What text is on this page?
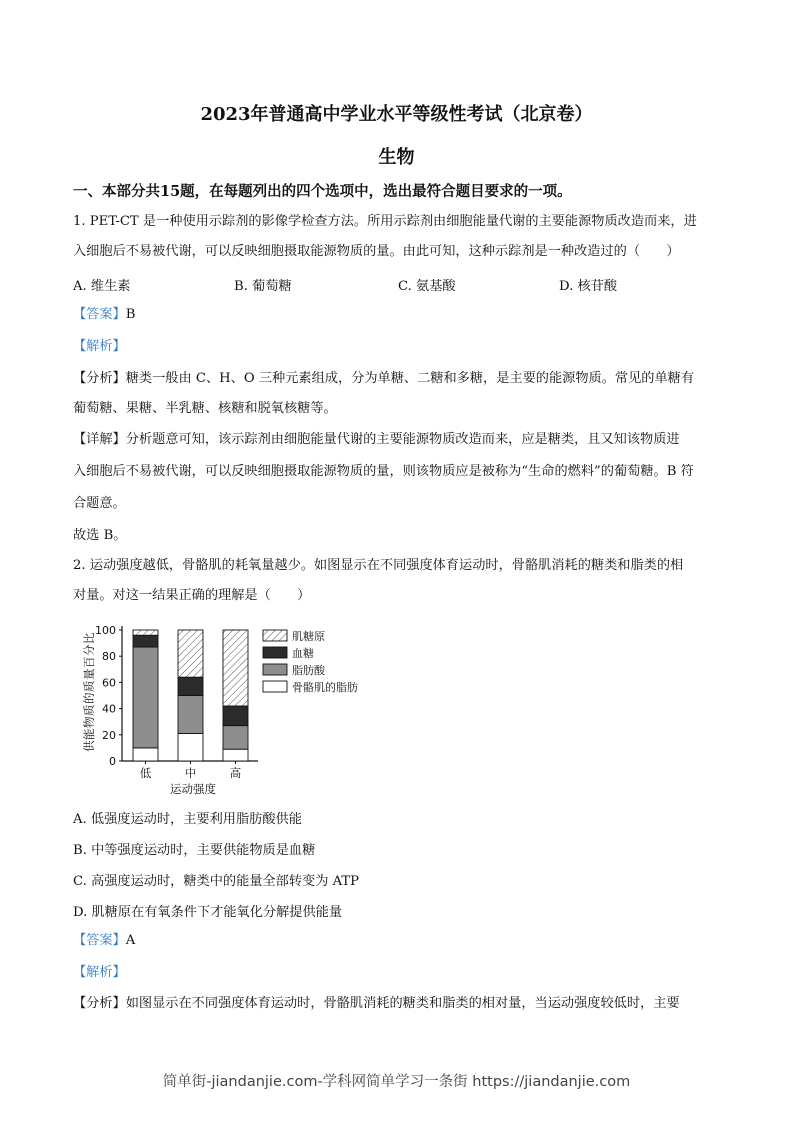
2023年普通高中学业水平等级性考试（北京卷）
生物
一、本部分共15题，在每题列出的四个选项中，选出最符合题目要求的一项。
1. PET-CT 是一种使用示踪剂的影像学检查方法。所用示踪剂由细胞能量代谢的主要能源物质改造而来，进
入细胞后不易被代谢，可以反映细胞摄取能源物质的量。由此可知，这种示踪剂是一种改造过的（　　）
A. 维生素	B. 葡萄糖	C. 氨基酸	D. 核苷酸
【答案】B
【解析】
【分析】糖类一般由 C、H、O 三种元素组成，分为单糖、二糖和多糖，是主要的能源物质。常见的单糖有
葡萄糖、果糖、半乳糖、核糖和脱氧核糖等。
【详解】分析题意可知，该示踪剂由细胞能量代谢的主要能源物质改造而来，应是糖类，且又知该物质进
入细胞后不易被代谢，可以反映细胞摄取能源物质的量，则该物质应是被称为“生命的燃料”的葡萄糖。B 符
合题意。
故选 B。
2. 运动强度越低，骨骼肌的耗氧量越少。如图显示在不同强度体育运动时，骨骼肌消耗的糖类和脂类的相
对量。对这一结果正确的理解是（　　）
供能物质的质量百分比
低	中	高
0
20
40
60
80
100
运动强度
肌糖原
血糖
脂肪酸
骨骼肌的脂肪
A. 低强度运动时，主要利用脂肪酸供能
B. 中等强度运动时，主要供能物质是血糖
C. 高强度运动时，糖类中的能量全部转变为 ATP
D. 肌糖原在有氧条件下才能氧化分解提供能量
【答案】A
【解析】
【分析】如图显示在不同强度体育运动时，骨骼肌消耗的糖类和脂类的相对量，当运动强度较低时，主要
简单街-jiandanjie.com-学科网简单学习一条街 https://jiandanjie.com
